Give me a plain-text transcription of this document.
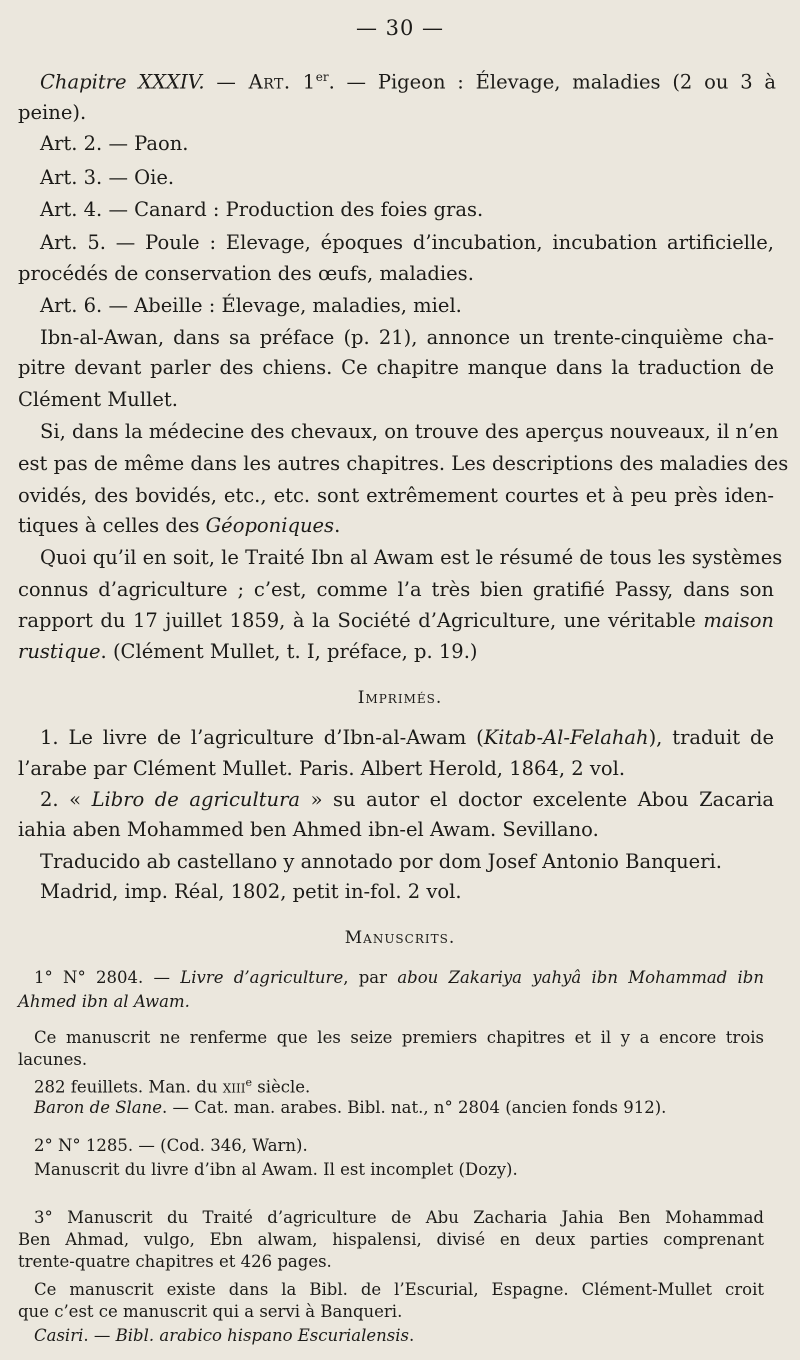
— 30 —
Chapitre XXXIV. — Art. 1er. — Pigeon : Élevage, maladies (2 ou 3 à
peine).
Art. 2. — Paon.
Art. 3. — Oie.
Art. 4. — Canard : Production des foies gras.
Art. 5. — Poule : Elevage, époques d’incubation, incubation artificielle,
procédés de conservation des œufs, maladies.
Art. 6. — Abeille : Élevage, maladies, miel.
Ibn-al-Awan, dans sa préface (p. 21), annonce un trente-cinquième cha-
pitre devant parler des chiens. Ce chapitre manque dans la traduction de
Clément Mullet.
Si, dans la médecine des chevaux, on trouve des aperçus nouveaux, il n’en
est pas de même dans les autres chapitres. Les descriptions des maladies des
ovidés, des bovidés, etc., etc. sont extrêmement courtes et à peu près iden-
tiques à celles des Géoponiques.
Quoi qu’il en soit, le Traité Ibn al Awam est le résumé de tous les systèmes
connus d’agriculture ; c’est, comme l’a très bien gratifié Passy, dans son
rapport du 17 juillet 1859, à la Société d’Agriculture, une véritable maison
rustique. (Clément Mullet, t. I, préface, p. 19.)
Imprimés.
1. Le livre de l’agriculture d’Ibn-al-Awam (Kitab-Al-Felahah), traduit de
l’arabe par Clément Mullet. Paris. Albert Herold, 1864, 2 vol.
2. « Libro de agricultura » su autor el doctor excelente Abou Zacaria
iahia aben Mohammed ben Ahmed ibn-el Awam. Sevillano.
Traducido ab castellano y annotado por dom Josef Antonio Banqueri.
Madrid, imp. Réal, 1802, petit in-fol. 2 vol.
Manuscrits.
1° N° 2804. — Livre d’agriculture, par abou Zakariya yahyâ ibn Mohammad ibn
Ahmed ibn al Awam.
Ce manuscrit ne renferme que les seize premiers chapitres et il y a encore trois
lacunes.
282 feuillets. Man. du xiii$^e$ siècle.
Baron de Slane. — Cat. man. arabes. Bibl. nat., n° 2804 (ancien fonds 912).
2° N° 1285. — (Cod. 346, Warn).
Manuscrit du livre d’ibn al Awam. Il est incomplet (Dozy).
3° Manuscrit du Traité d’agriculture de Abu Zacharia Jahia Ben Mohammad
Ben Ahmad, vulgo, Ebn alwam, hispalensi, divisé en deux parties comprenant
trente-quatre chapitres et 426 pages.
Ce manuscrit existe dans la Bibl. de l’Escurial, Espagne. Clément-Mullet croit
que c’est ce manuscrit qui a servi à Banqueri.
Casiri. — Bibl. arabico hispano Escurialensis.
